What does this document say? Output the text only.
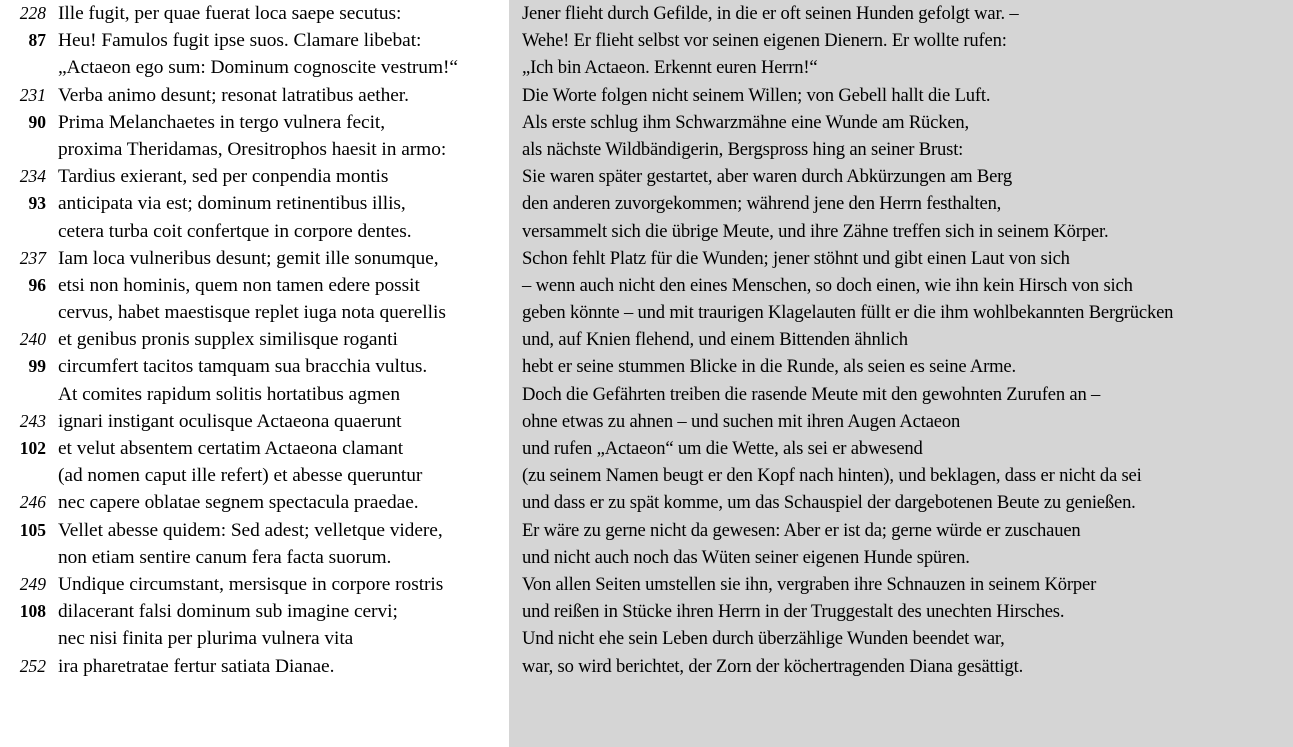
228 Ille fugit, per quae fuerat loca saepe secutus:
87 Heu! Famulos fugit ipse suos. Clamare libebat:
„Actaeon ego sum: Dominum cognoscite vestrum!“
231 Verba animo desunt; resonat latratibus aether.
90 Prima Melanchaetes in tergo vulnera fecit,
proxima Theridamas, Oresitrophos haesit in armo:
234 Tardius exierant, sed per conpendia montis
93 anticipata via est; dominum retinentibus illis,
cetera turba coit confertque in corpore dentes.
237 Iam loca vulneribus desunt; gemit ille sonumque,
96 etsi non hominis, quem non tamen edere possit
cervus, habet maestisque replet iuga nota querellis
240 et genibus pronis supplex similisque roganti
99 circumfert tacitos tamquam sua bracchia vultus.
At comites rapidum solitis hortatibus agmen
243 ignari instigant oculisque Actaeona quaerunt
102 et velut absentem certatim Actaeona clamant
(ad nomen caput ille refert) et abesse queruntur
246 nec capere oblatae segnem spectacula praedae.
105 Vellet abesse quidem: Sed adest; velletque videre,
non etiam sentire canum fera facta suorum.
249 Undique circumstant, mersisque in corpore rostris
108 dilacerant falsi dominum sub imagine cervi;
nec nisi finita per plurima vulnera vita
252 ira pharetratae fertur satiata Dianae.
Jener flieht durch Gefilde, in die er oft seinen Hunden gefolgt war. –
Wehe! Er flieht selbst vor seinen eigenen Dienern. Er wollte rufen:
„Ich bin Actaeon. Erkennt euren Herrn!“
Die Worte folgen nicht seinem Willen; von Gebell hallt die Luft.
Als erste schlug ihm Schwarzmähne eine Wunde am Rücken,
als nächste Wildbändigerin, Bergspross hing an seiner Brust:
Sie waren später gestartet, aber waren durch Abkürzungen am Berg
den anderen zuvorgekommen; während jene den Herrn festhalten,
versammelt sich die übrige Meute, und ihre Zähne treffen sich in seinem Körper.
Schon fehlt Platz für die Wunden; jener stöhnt und gibt einen Laut von sich
– wenn auch nicht den eines Menschen, so doch einen, wie ihn kein Hirsch von sich
geben könnte – und mit traurigen Klagelauten füllt er die ihm wohlbekannten Bergrücken
und, auf Knien flehend, und einem Bittenden ähnlich
hebt er seine stummen Blicke in die Runde, als seien es seine Arme.
Doch die Gefährten treiben die rasende Meute mit den gewohnten Zurufen an –
ohne etwas zu ahnen – und suchen mit ihren Augen Actaeon
und rufen „Actaeon“ um die Wette, als sei er abwesend
(zu seinem Namen beugt er den Kopf nach hinten), und beklagen, dass er nicht da sei
und dass er zu spät komme, um das Schauspiel der dargebotenen Beute zu genießen.
Er wäre zu gerne nicht da gewesen: Aber er ist da; gerne würde er zuschauen
und nicht auch noch das Wüten seiner eigenen Hunde spüren.
Von allen Seiten umstellen sie ihn, vergraben ihre Schnauzen in seinem Körper
und reißen in Stücke ihren Herrn in der Truggestalt des unechten Hirsches.
Und nicht ehe sein Leben durch überzählige Wunden beendet war,
war, so wird berichtet, der Zorn der köchertragenden Diana gesättigt.
